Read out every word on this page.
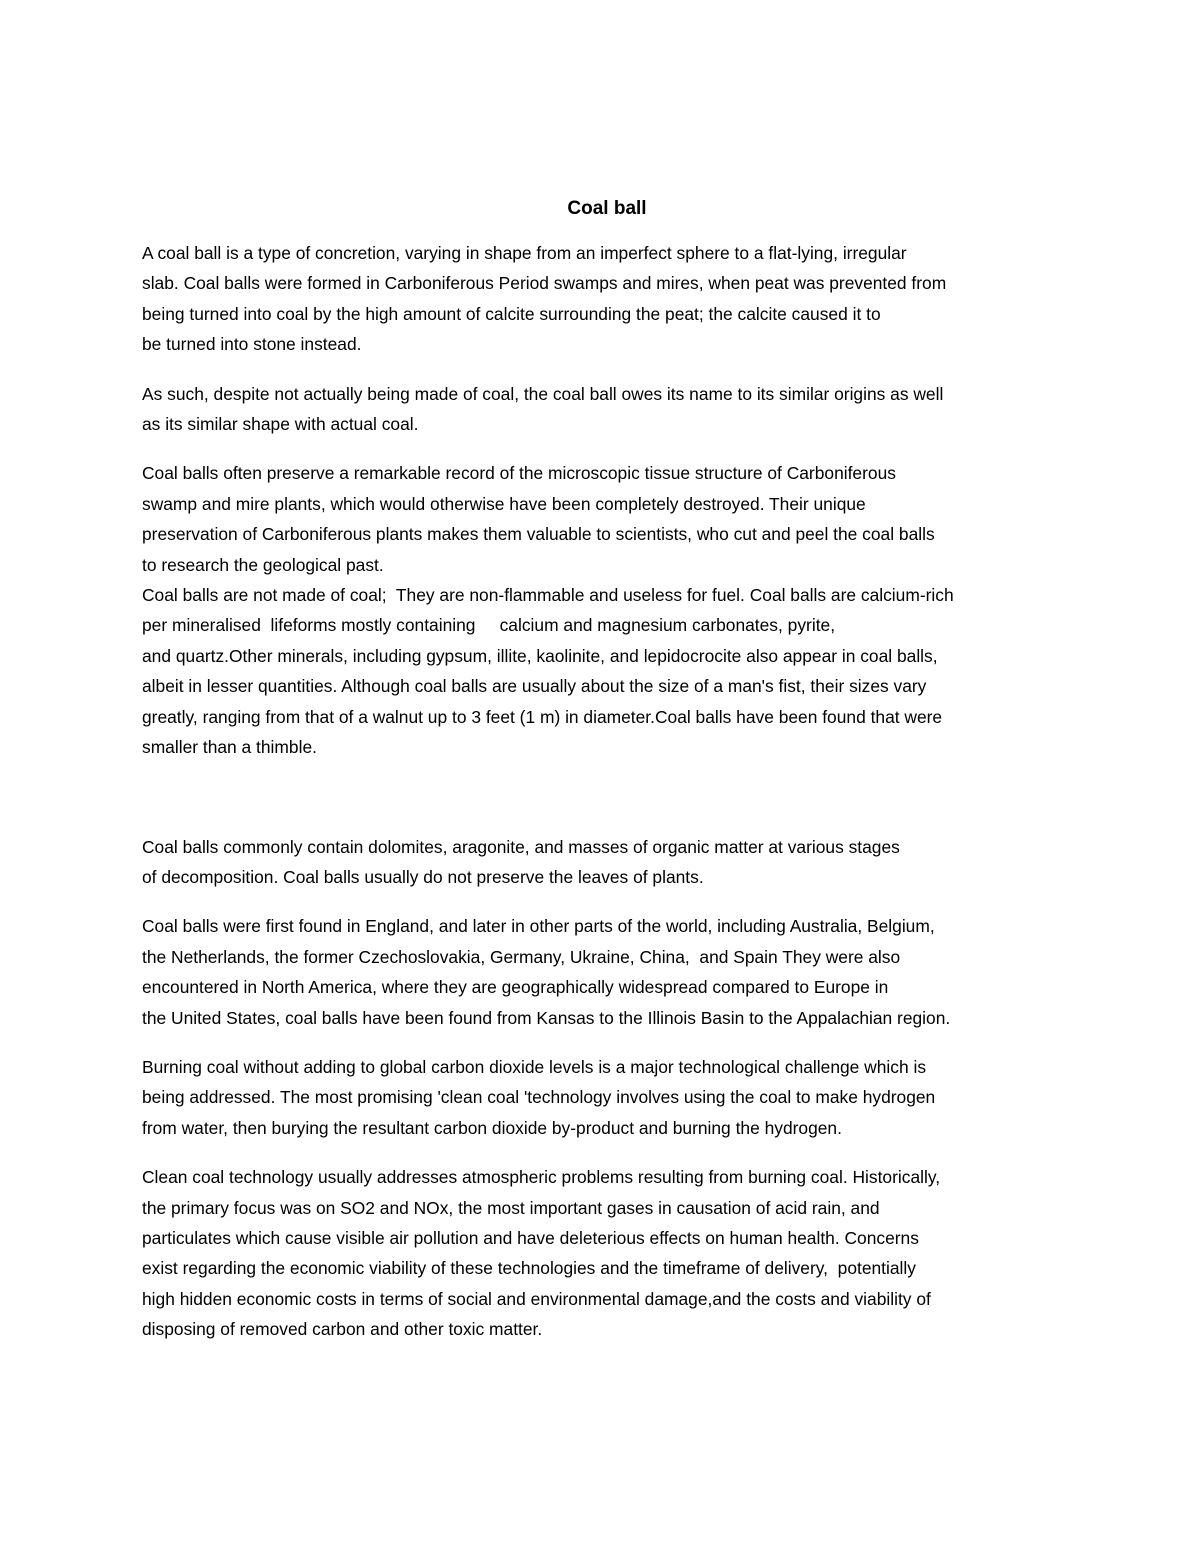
Coal ball

A coal ball is a type of concretion, varying in shape from an imperfect sphere to a flat-lying, irregular
slab. Coal balls were formed in Carboniferous Period swamps and mires, when peat was prevented from
being turned into coal by the high amount of calcite surrounding the peat; the calcite caused it to
be turned into stone instead.

As such, despite not actually being made of coal, the coal ball owes its name to its similar origins as well
as its similar shape with actual coal.

Coal balls often preserve a remarkable record of the microscopic tissue structure of Carboniferous
swamp and mire plants, which would otherwise have been completely destroyed. Their unique
preservation of Carboniferous plants makes them valuable to scientists, who cut and peel the coal balls
to research the geological past.
Coal balls are not made of coal;  They are non-flammable and useless for fuel. Coal balls are calcium-rich
per mineralised  lifeforms mostly containing     calcium and magnesium carbonates, pyrite,
and quartz.Other minerals, including gypsum, illite, kaolinite, and lepidocrocite also appear in coal balls,
albeit in lesser quantities. Although coal balls are usually about the size of a man's fist, their sizes vary
greatly, ranging from that of a walnut up to 3 feet (1 m) in diameter.Coal balls have been found that were
smaller than a thimble.

Coal balls commonly contain dolomites, aragonite, and masses of organic matter at various stages
of decomposition. Coal balls usually do not preserve the leaves of plants.

Coal balls were first found in England, and later in other parts of the world, including Australia, Belgium,
the Netherlands, the former Czechoslovakia, Germany, Ukraine, China,  and Spain They were also
encountered in North America, where they are geographically widespread compared to Europe in
the United States, coal balls have been found from Kansas to the Illinois Basin to the Appalachian region.

Burning coal without adding to global carbon dioxide levels is a major technological challenge which is
being addressed. The most promising 'clean coal 'technology involves using the coal to make hydrogen
from water, then burying the resultant carbon dioxide by-product and burning the hydrogen.

Clean coal technology usually addresses atmospheric problems resulting from burning coal. Historically,
the primary focus was on SO2 and NOx, the most important gases in causation of acid rain, and
particulates which cause visible air pollution and have deleterious effects on human health. Concerns
exist regarding the economic viability of these technologies and the timeframe of delivery,  potentially
high hidden economic costs in terms of social and environmental damage,and the costs and viability of
disposing of removed carbon and other toxic matter.
